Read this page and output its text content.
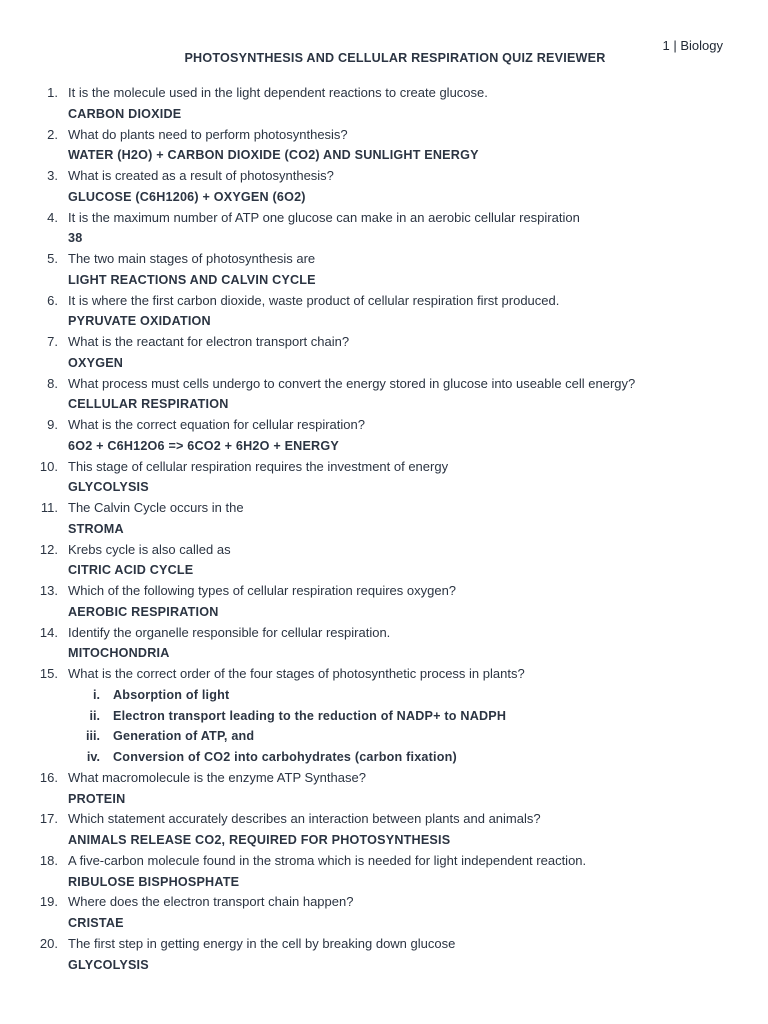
1 | Biology
PHOTOSYNTHESIS AND CELLULAR RESPIRATION QUIZ REVIEWER
1. It is the molecule used in the light dependent reactions to create glucose.
CARBON DIOXIDE
2. What do plants need to perform photosynthesis?
WATER (H2O) + CARBON DIOXIDE (CO2) AND SUNLIGHT ENERGY
3. What is created as a result of photosynthesis?
GLUCOSE (C6H1206) + OXYGEN (6O2)
4. It is the maximum number of ATP one glucose can make in an aerobic cellular respiration
38
5. The two main stages of photosynthesis are
LIGHT REACTIONS AND CALVIN CYCLE
6. It is where the first carbon dioxide, waste product of cellular respiration first produced.
PYRUVATE OXIDATION
7. What is the reactant for electron transport chain?
OXYGEN
8. What process must cells undergo to convert the energy stored in glucose into useable cell energy?
CELLULAR RESPIRATION
9. What is the correct equation for cellular respiration?
6O2 + C6H12O6 => 6CO2 + 6H2O + ENERGY
10. This stage of cellular respiration requires the investment of energy
GLYCOLYSIS
11. The Calvin Cycle occurs in the
STROMA
12. Krebs cycle is also called as
CITRIC ACID CYCLE
13. Which of the following types of cellular respiration requires oxygen?
AEROBIC RESPIRATION
14. Identify the organelle responsible for cellular respiration.
MITOCHONDRIA
15. What is the correct order of the four stages of photosynthetic process in plants?
i. Absorption of light
ii. Electron transport leading to the reduction of NADP+ to NADPH
iii. Generation of ATP, and
iv. Conversion of CO2 into carbohydrates (carbon fixation)
16. What macromolecule is the enzyme ATP Synthase?
PROTEIN
17. Which statement accurately describes an interaction between plants and animals?
ANIMALS RELEASE CO2, REQUIRED FOR PHOTOSYNTHESIS
18. A five-carbon molecule found in the stroma which is needed for light independent reaction.
RIBULOSE BISPHOSPHATE
19. Where does the electron transport chain happen?
CRISTAE
20. The first step in getting energy in the cell by breaking down glucose
GLYCOLYSIS
